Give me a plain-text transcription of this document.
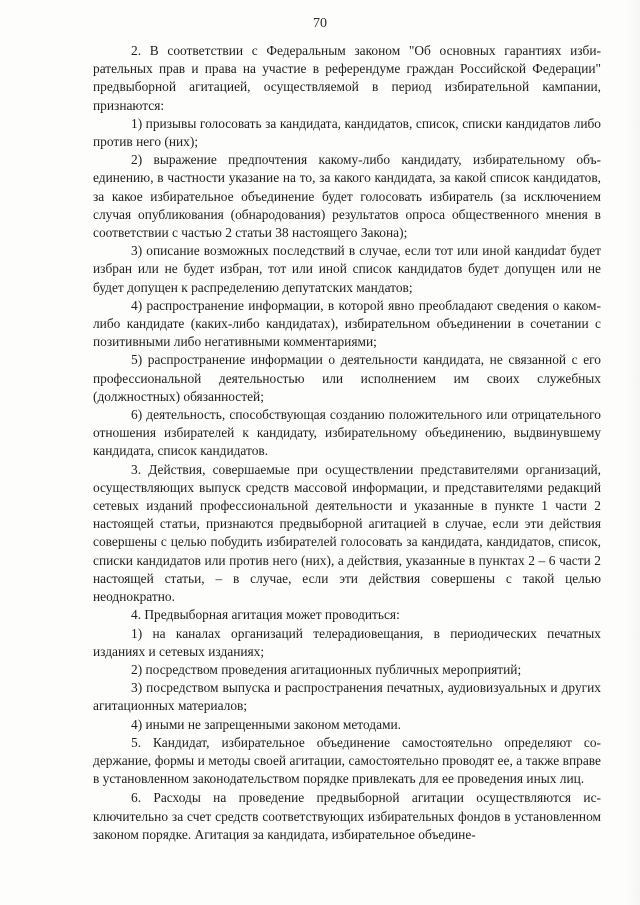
70

2. В соответствии с Федеральным законом "Об основных гарантиях избирательных прав и права на участие в референдуме граждан Российской Федерации" предвыборной агитацией, осуществляемой в период избирательной кампании, признаются:

1) призывы голосовать за кандидата, кандидатов, список, списки кандидатов либо против него (них);

2) выражение предпочтения какому-либо кандидату, избирательному объединению, в частности указание на то, за какого кандидата, за какой список кандидатов, за какое избирательное объединение будет голосовать избиратель (за исключением случая опубликования (обнародования) результатов опроса общественного мнения в соответствии с частью 2 статьи 38 настоящего Закона);

3) описание возможных последствий в случае, если тот или иной кандиdат будет избран или не будет избран, тот или иной список кандидатов будет допущен или не будет допущен к распределению депутатских мандатов;

4) распространение информации, в которой явно преобладают сведения о каком-либо кандидате (каких-либо кандидатах), избирательном объединении в сочетании с позитивными либо негативными комментариями;

5) распространение информации о деятельности кандидата, не связанной с его профессиональной деятельностью или исполнением им своих служебных (должностных) обязанностей;

6) деятельность, способствующая созданию положительного или отрицательного отношения избирателей к кандидату, избирательному объединению, выдвинувшему кандидата, список кандидатов.

3. Действия, совершаемые при осуществлении представителями организаций, осуществляющих выпуск средств массовой информации, и представителями редакций сетевых изданий профессиональной деятельности и указанные в пункте 1 части 2 настоящей статьи, признаются предвыборной агитацией в случае, если эти действия совершены с целью побудить избирателей голосовать за кандидата, кандидатов, список, списки кандидатов или против него (них), а действия, указанные в пунктах 2 – 6 части 2 настоящей статьи, – в случае, если эти действия совершены с такой целью неоднократно.

4. Предвыборная агитация может проводиться:

1) на каналах организаций телерадиовещания, в периодических печатных изданиях и сетевых изданиях;

2) посредством проведения агитационных публичных мероприятий;

3) посредством выпуска и распространения печатных, аудиовизуальных и других агитационных материалов;

4) иными не запрещенными законом методами.

5. Кандидат, избирательное объединение самостоятельно определяют содержание, формы и методы своей агитации, самостоятельно проводят ее, а также вправе в установленном законодательством порядке привлекать для ее проведения иных лиц.

6. Расходы на проведение предвыборной агитации осуществляются исключительно за счет средств соответствующих избирательных фондов в установленном законом порядке. Агитация за кандидата, избирательное объедине-
